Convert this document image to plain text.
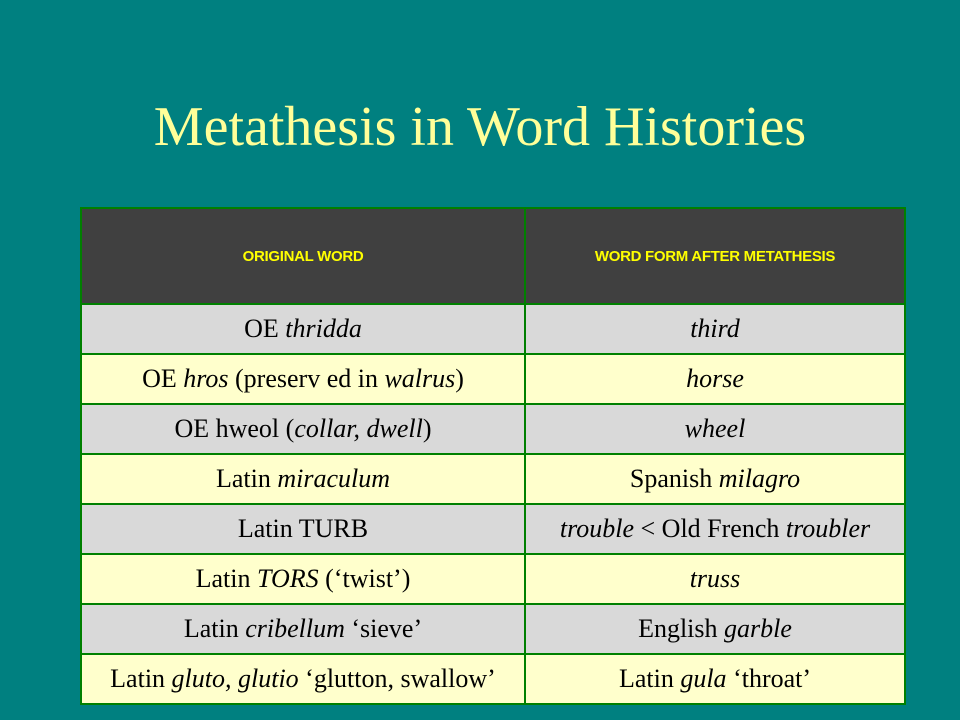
Metathesis in Word Histories
ORIGINAL WORD	WORD FORM AFTER METATHESIS
OE thridda	third
OE hros (preserv ed in walrus)	horse
OE hweol (collar, dwell)	wheel
Latin miraculum	Spanish milagro
Latin TURB	trouble < Old French troubler
Latin TORS (‘twist’)	truss
Latin cribellum ‘sieve’	English garble
Latin gluto, glutio ‘glutton, swallow’	Latin gula ‘throat’
